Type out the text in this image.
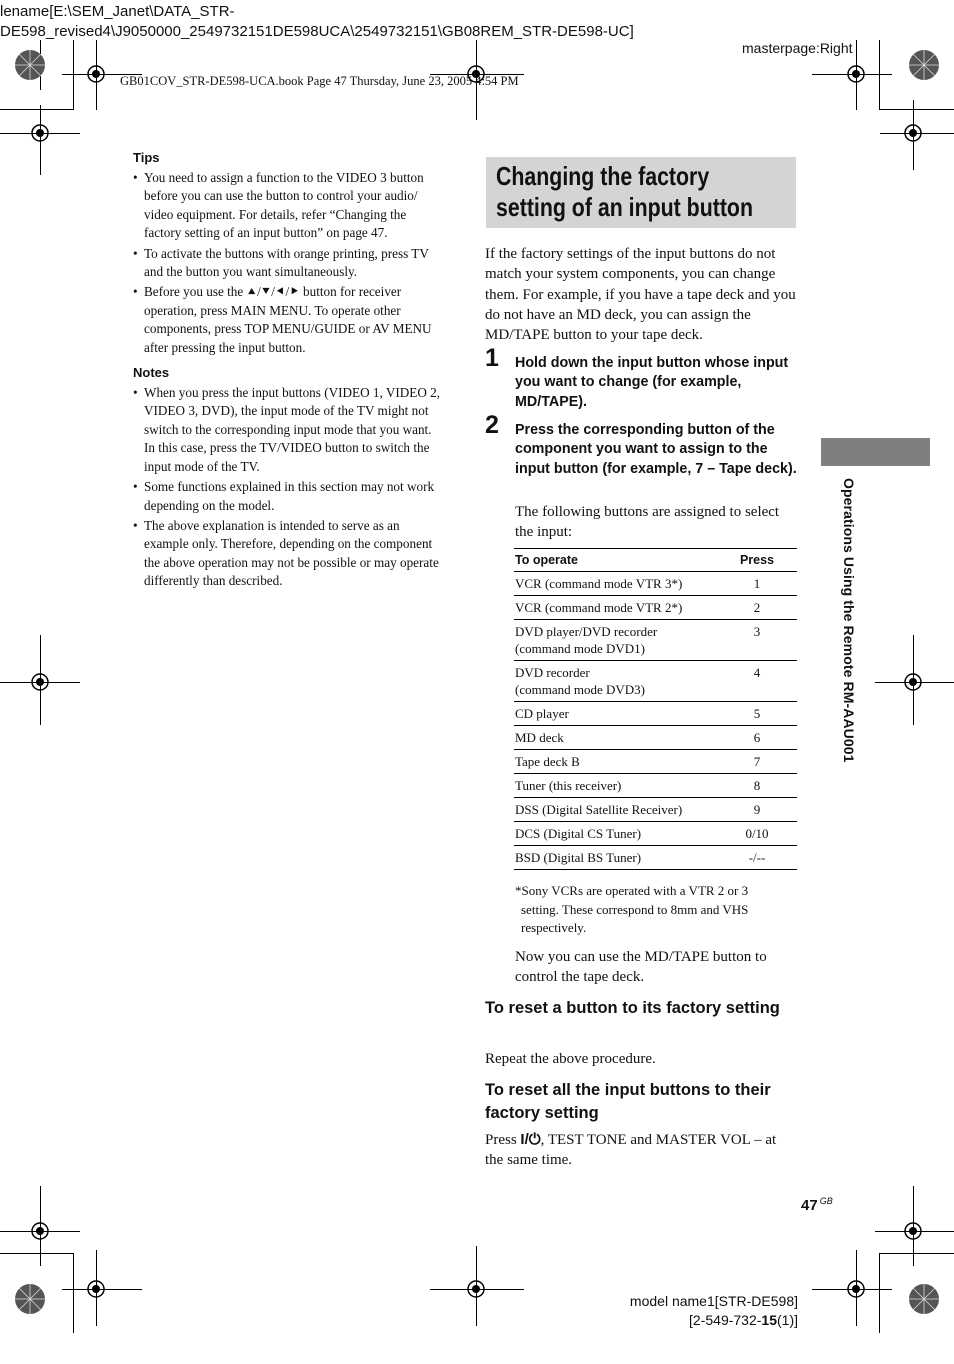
lename[E:\SEM_Janet\DATA_STR-DE598_revised4\J9050000_2549732151DE598UCA\2549732151\GB08REM_STR-DE598-UC]
masterpage:Right
GB01COV_STR-DE598-UCA.book Page 47 Thursday, June 23, 2005 4:54 PM
Tips
• You need to assign a function to the VIDEO 3 button before you can use the button to control your audio/ video equipment. For details, refer “Changing the factory setting of an input button” on page 47.
• To activate the buttons with orange printing, press TV and the button you want simultaneously.
• Before you use the ⯅/⯆/⯇/⯈ button for receiver operation, press MAIN MENU. To operate other components, press TOP MENU/GUIDE or AV MENU after pressing the input button.
Notes
• When you press the input buttons (VIDEO 1, VIDEO 2, VIDEO 3, DVD), the input mode of the TV might not switch to the corresponding input mode that you want. In this case, press the TV/VIDEO button to switch the input mode of the TV.
• Some functions explained in this section may not work depending on the model.
• The above explanation is intended to serve as an example only. Therefore, depending on the component the above operation may not be possible or may operate differently than described.
Changing the factory
setting of an input button
If the factory settings of the input buttons do not match your system components, you can change them. For example, if you have a tape deck and you do not have an MD deck, you can assign the MD/TAPE button to your tape deck.
1 Hold down the input button whose input you want to change (for example, MD/TAPE).
2 Press the corresponding button of the component you want to assign to the input button (for example, 7 – Tape deck).
The following buttons are assigned to select the input:
To operate	Press
VCR (command mode VTR 3*)	1
VCR (command mode VTR 2*)	2
DVD player/DVD recorder
(command mode DVD1)	3
DVD recorder
(command mode DVD3)	4
CD player	5
MD deck	6
Tape deck B	7
Tuner (this receiver)	8
DSS (Digital Satellite Receiver)	9
DCS (Digital CS Tuner)	0/10
BSD (Digital BS Tuner)	-/--
*Sony VCRs are operated with a VTR 2 or 3
setting. These correspond to 8mm and VHS respectively.
Now you can use the MD/TAPE button to control the tape deck.
To reset a button to its factory setting
Repeat the above procedure.
To reset all the input buttons to their factory setting
Press I/⏻, TEST TONE and MASTER VOL – at the same time.
Operations Using the Remote RM-AAU001
47 $^{GB}$
model name1[STR-DE598]
[2-549-732-15(1)]
